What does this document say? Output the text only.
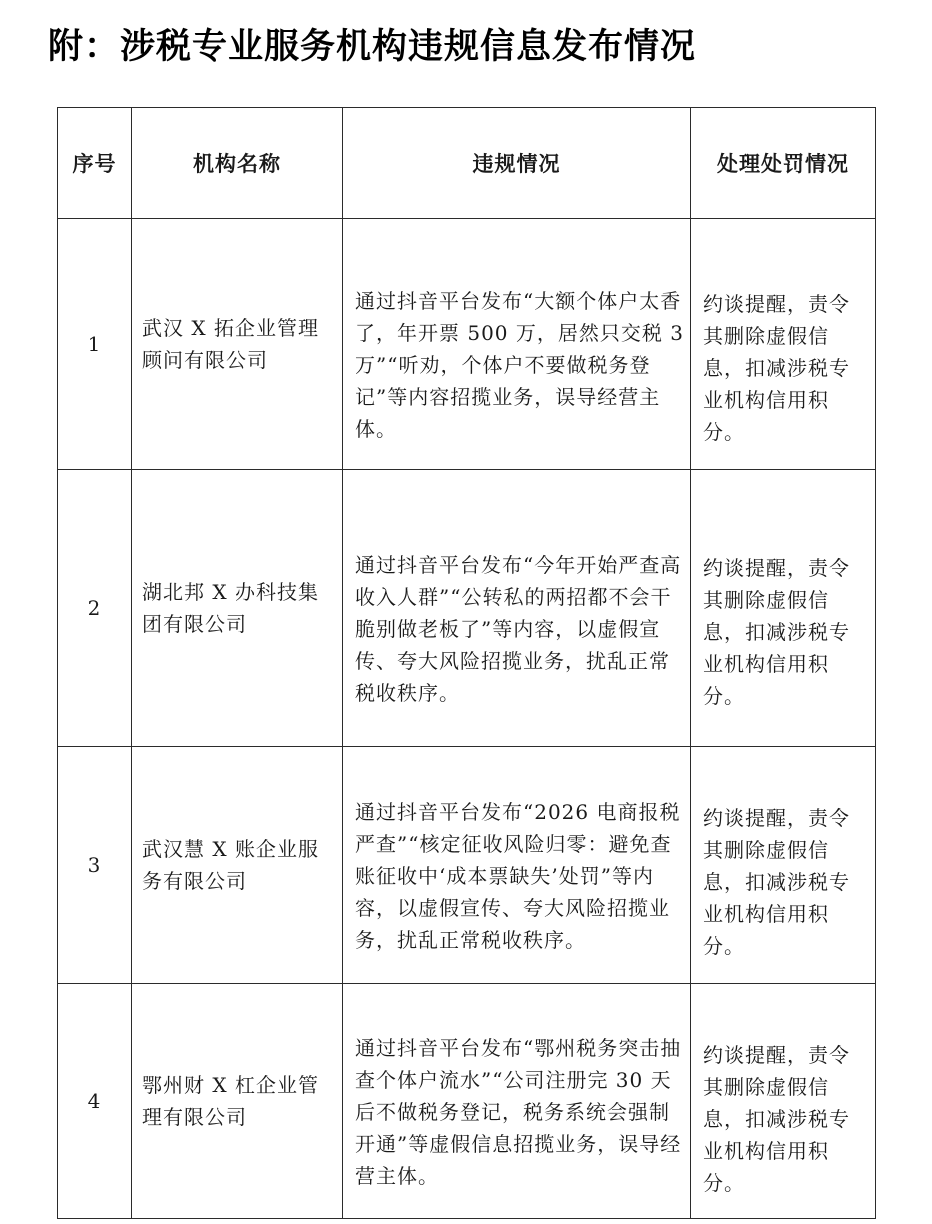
附：涉税专业服务机构违规信息发布情况
序号	机构名称	违规情况	处理处罚情况
1	武汉 X 拓企业管理顾问有限公司	通过抖音平台发布“大额个体户太香了，年开票 500 万，居然只交税 3 万”“听劝，个体户不要做税务登记”等内容招揽业务，误导经营主体。	约谈提醒，责令其删除虚假信息，扣减涉税专业机构信用积分。

2	湖北邦 X 办科技集团有限公司	通过抖音平台发布“今年开始严查高收入人群”“公转私的两招都不会干脆别做老板了”等内容，以虚假宣传、夸大风险招揽业务，扰乱正常税收秩序。	约谈提醒，责令其删除虚假信息，扣减涉税专业机构信用积分。

3	武汉慧 X 账企业服务有限公司	通过抖音平台发布“2026 电商报税严查”“核定征收风险归零：避免查账征收中‘成本票缺失’处罚”等内容，以虚假宣传、夸大风险招揽业务，扰乱正常税收秩序。	约谈提醒，责令其删除虚假信息，扣减涉税专业机构信用积分。

4	鄂州财 X 杠企业管理有限公司	通过抖音平台发布“鄂州税务突击抽查个体户流水”“公司注册完 30 天后不做税务登记，税务系统会强制开通”等虚假信息招揽业务，误导经营主体。	约谈提醒，责令其删除虚假信息，扣减涉税专业机构信用积分。
